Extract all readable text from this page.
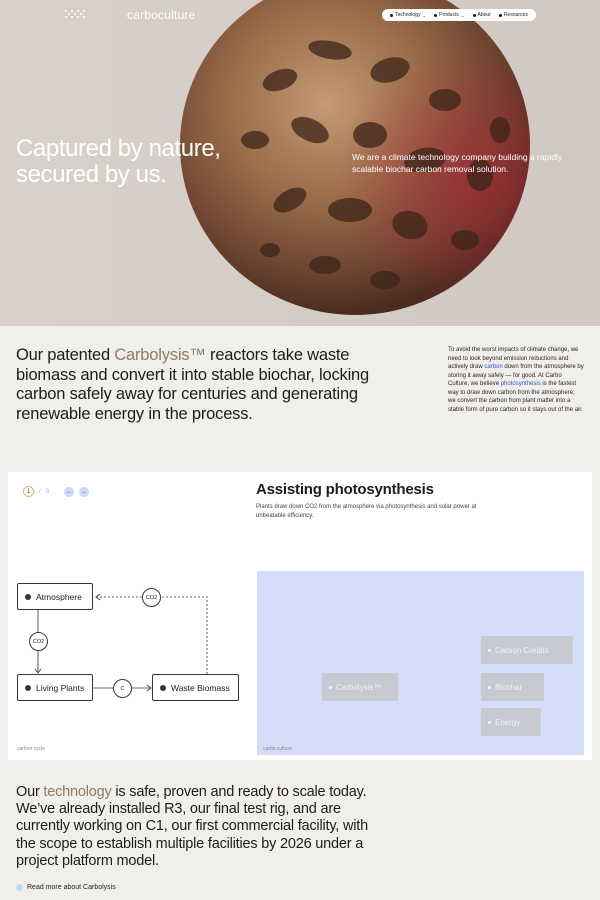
carboculture	Technology ⌄	Products ⌄	About	Resources
Captured by nature,
secured by us.

We are a climate technology company building a rapidly scalable biochar carbon removal solution.

Our patented Carbolysis™ reactors take waste biomass and convert it into stable biochar, locking carbon safely away for centuries and generating renewable energy in the process.

To avoid the worst impacts of climate change, we need to look beyond emission reductions and actively draw carbon down from the atmosphere by storing it away safely — for good. At Carbo Culture, we believe photosynthesis is the fastest way to draw down carbon from the atmosphere; we convert the carbon from plant matter into a stable form of pure carbon so it stays out of the air.

1	/ 3	← →	Assisting photosynthesis

Plants draw down CO2 from the atmosphere via photosynthesis and solar power at unbeatable efficiency.

Atmosphere
Living Plants	Waste Biomass
CO2
CO2
C
carbon cycle
Carbolysis™
Carbon Credits
Biochar
Energy
carbo culture

Our technology is safe, proven and ready to scale today. We’ve already installed R3, our final test rig, and are currently working on C1, our first commercial facility, with the scope to establish multiple facilities by 2026 under a project platform model.

Read more about Carbolysis
